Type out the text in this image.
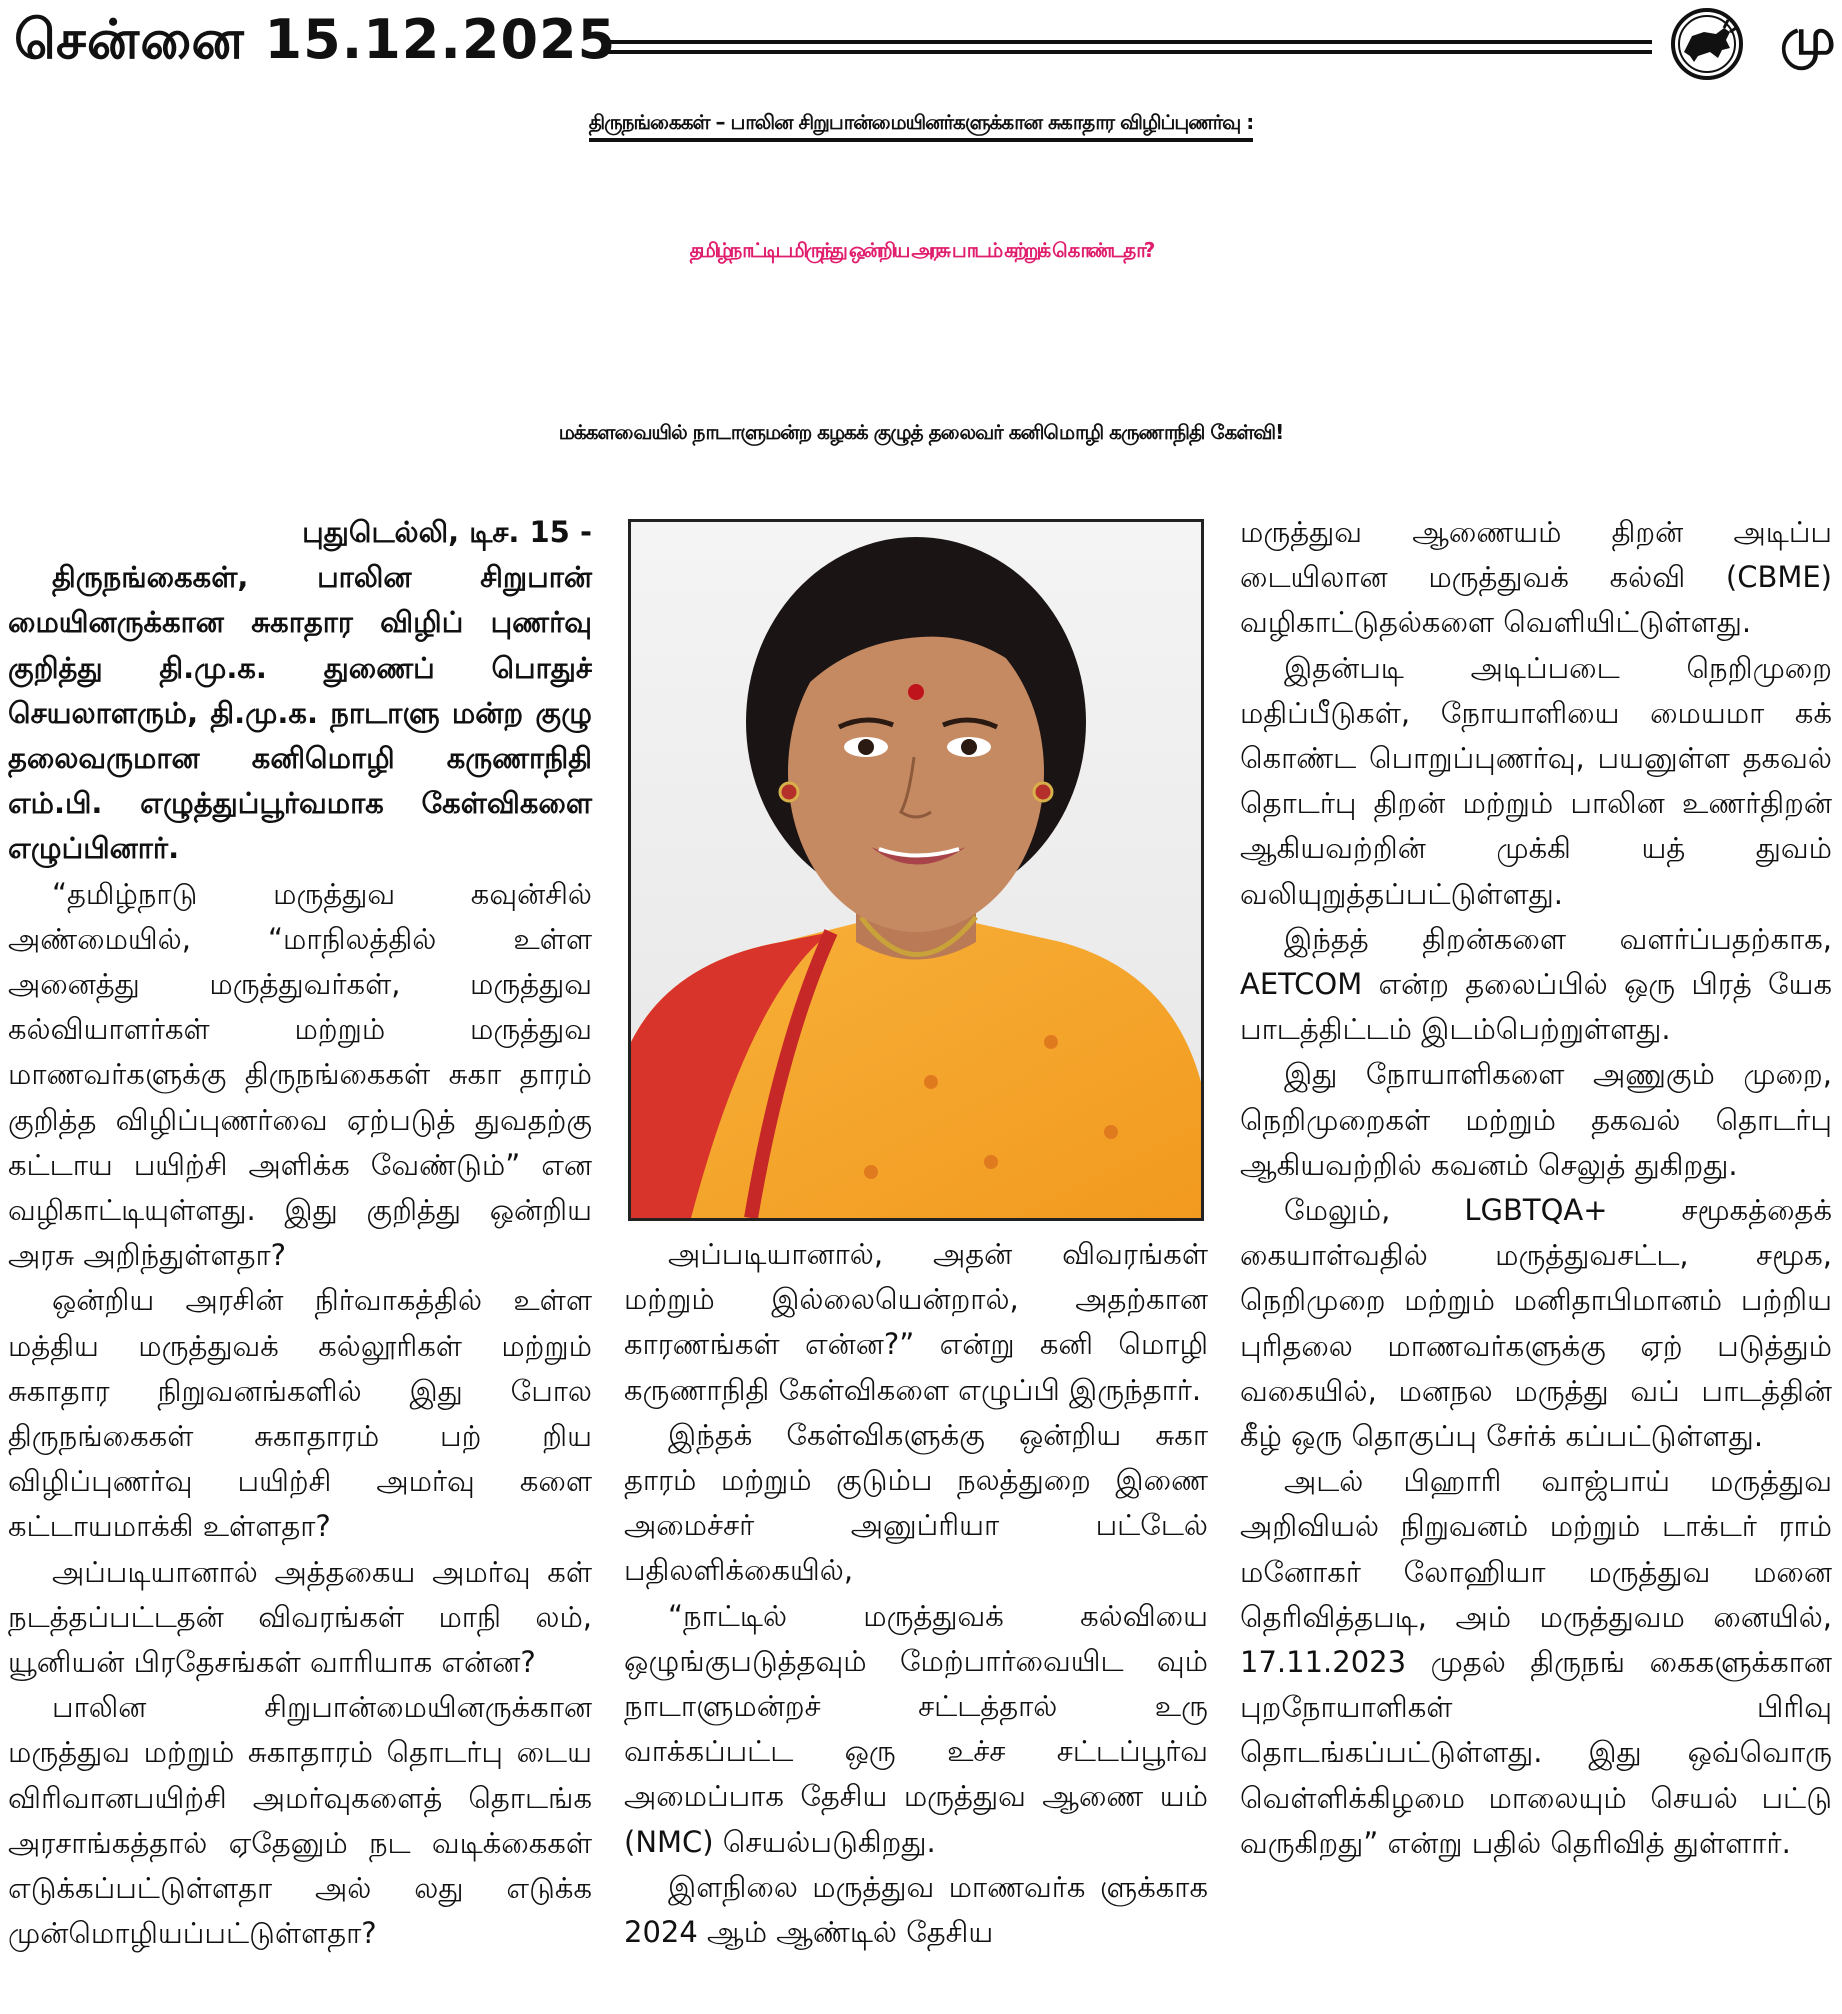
சென்னை 15.12.2025	மு
திருநங்கைகள் – பாலின சிறுபான்மையினர்களுக்கான சுகாதார விழிப்புணர்வு :
தமிழ்நாட்டிடமிருந்து ஒன்றிய அரசு பாடம் கற்றுக் கொண்டதா?
மக்களவையில் நாடாளுமன்ற கழகக் குழுத் தலைவர் கனிமொழி கருணாநிதி கேள்வி!

புதுடெல்லி, டிச. 15 -

திருநங்கைகள், பாலின சிறுபான் மையினருக்கான சுகாதார விழிப் புணர்வு குறித்து தி.மு.க. துணைப் பொதுச் செயலாளரும், தி.மு.க. நாடாளு மன்ற குழு தலைவருமான கனிமொழி கருணாநிதி எம்.பி. எழுத்துப்பூர்வமாக கேள்விகளை எழுப்பினார்.

“தமிழ்நாடு மருத்துவ கவுன்சில் அண்மையில், “மாநிலத்தில் உள்ள அனைத்து மருத்துவர்கள், மருத்துவ கல்வியாளர்கள் மற்றும் மருத்துவ மாணவர்களுக்கு திருநங்கைகள் சுகா தாரம் குறித்த விழிப்புணர்வை ஏற்படுத் துவதற்கு கட்டாய பயிற்சி அளிக்க வேண்டும்” என வழிகாட்டியுள்ளது. இது குறித்து ஒன்றிய அரசு அறிந்துள்ளதா?

ஒன்றிய அரசின் நிர்வாகத்தில் உள்ள மத்திய மருத்துவக் கல்லூரிகள் மற்றும் சுகாதார நிறுவனங்களில் இது போல திருநங்கைகள் சுகாதாரம் பற் றிய விழிப்புணர்வு பயிற்சி அமர்வு களை கட்டாயமாக்கி உள்ளதா?

அப்படியானால் அத்தகைய அமர்வு கள் நடத்தப்பட்டதன் விவரங்கள் மாநி லம், யூனியன் பிரதேசங்கள் வாரியாக என்ன?

பாலின சிறுபான்மையினருக்கான மருத்துவ மற்றும் சுகாதாரம் தொடர்பு டைய விரிவானபயிற்சி அமர்வுகளைத் தொடங்க அரசாங்கத்தால் ஏதேனும் நட வடிக்கைகள் எடுக்கப்பட்டுள்ளதா அல் லது எடுக்க முன்மொழியப்பட்டுள்ளதா?

அப்படியானால், அதன் விவரங்கள் மற்றும் இல்லையென்றால், அதற்கான காரணங்கள் என்ன?” என்று கனி மொழி கருணாநிதி கேள்விகளை எழுப்பி இருந்தார்.

இந்தக் கேள்விகளுக்கு ஒன்றிய சுகா தாரம் மற்றும் குடும்ப நலத்துறை இணை அமைச்சர் அனுப்ரியா பட்டேல் பதிலளிக்கையில்,

“நாட்டில் மருத்துவக் கல்வியை ஒழுங்குபடுத்தவும் மேற்பார்வையிட வும் நாடாளுமன்றச் சட்டத்தால் உரு வாக்கப்பட்ட ஒரு உச்ச சட்டப்பூர்வ அமைப்பாக தேசிய மருத்துவ ஆணை யம் (NMC) செயல்படுகிறது.

இளநிலை மருத்துவ மாணவர்க ளுக்காக 2024 ஆம் ஆண்டில் தேசிய

மருத்துவ ஆணையம் திறன் அடிப்ப டையிலான மருத்துவக் கல்வி (CBME) வழிகாட்டுதல்களை வெளியிட்டுள்ளது.

இதன்படி அடிப்படை நெறிமுறை மதிப்பீடுகள், நோயாளியை மையமா கக் கொண்ட பொறுப்புணர்வு, பயனுள்ள தகவல் தொடர்பு திறன் மற்றும் பாலின உணர்திறன் ஆகியவற்றின் முக்கி யத் துவம் வலியுறுத்தப்பட்டுள்ளது.

இந்தத் திறன்களை வளர்ப்பதற்காக, AETCOM என்ற தலைப்பில் ஒரு பிரத் யேக பாடத்திட்டம் இடம்பெற்றுள்ளது.

இது நோயாளிகளை அணுகும் முறை, நெறிமுறைகள் மற்றும் தகவல் தொடர்பு ஆகியவற்றில் கவனம் செலுத் துகிறது.

மேலும், LGBTQA+ சமூகத்தைக் கையாள்வதில் மருத்துவசட்ட, சமூக, நெறிமுறை மற்றும் மனிதாபிமானம் பற்றிய புரிதலை மாணவர்களுக்கு ஏற் படுத்தும் வகையில், மனநல மருத்து வப் பாடத்தின் கீழ் ஒரு தொகுப்பு சேர்க் கப்பட்டுள்ளது.

அடல் பிஹாரி வாஜ்பாய் மருத்துவ அறிவியல் நிறுவனம் மற்றும் டாக்டர் ராம் மனோகர் லோஹியா மருத்துவ மனை தெரிவித்தபடி, அம் மருத்துவம னையில், 17.11.2023 முதல் திருநங் கைகளுக்கான புறநோயாளிகள் பிரிவு தொடங்கப்பட்டுள்ளது. இது ஒவ்வொரு வெள்ளிக்கிழமை மாலையும் செயல் பட்டு வருகிறது” என்று பதில் தெரிவித் துள்ளார்.
